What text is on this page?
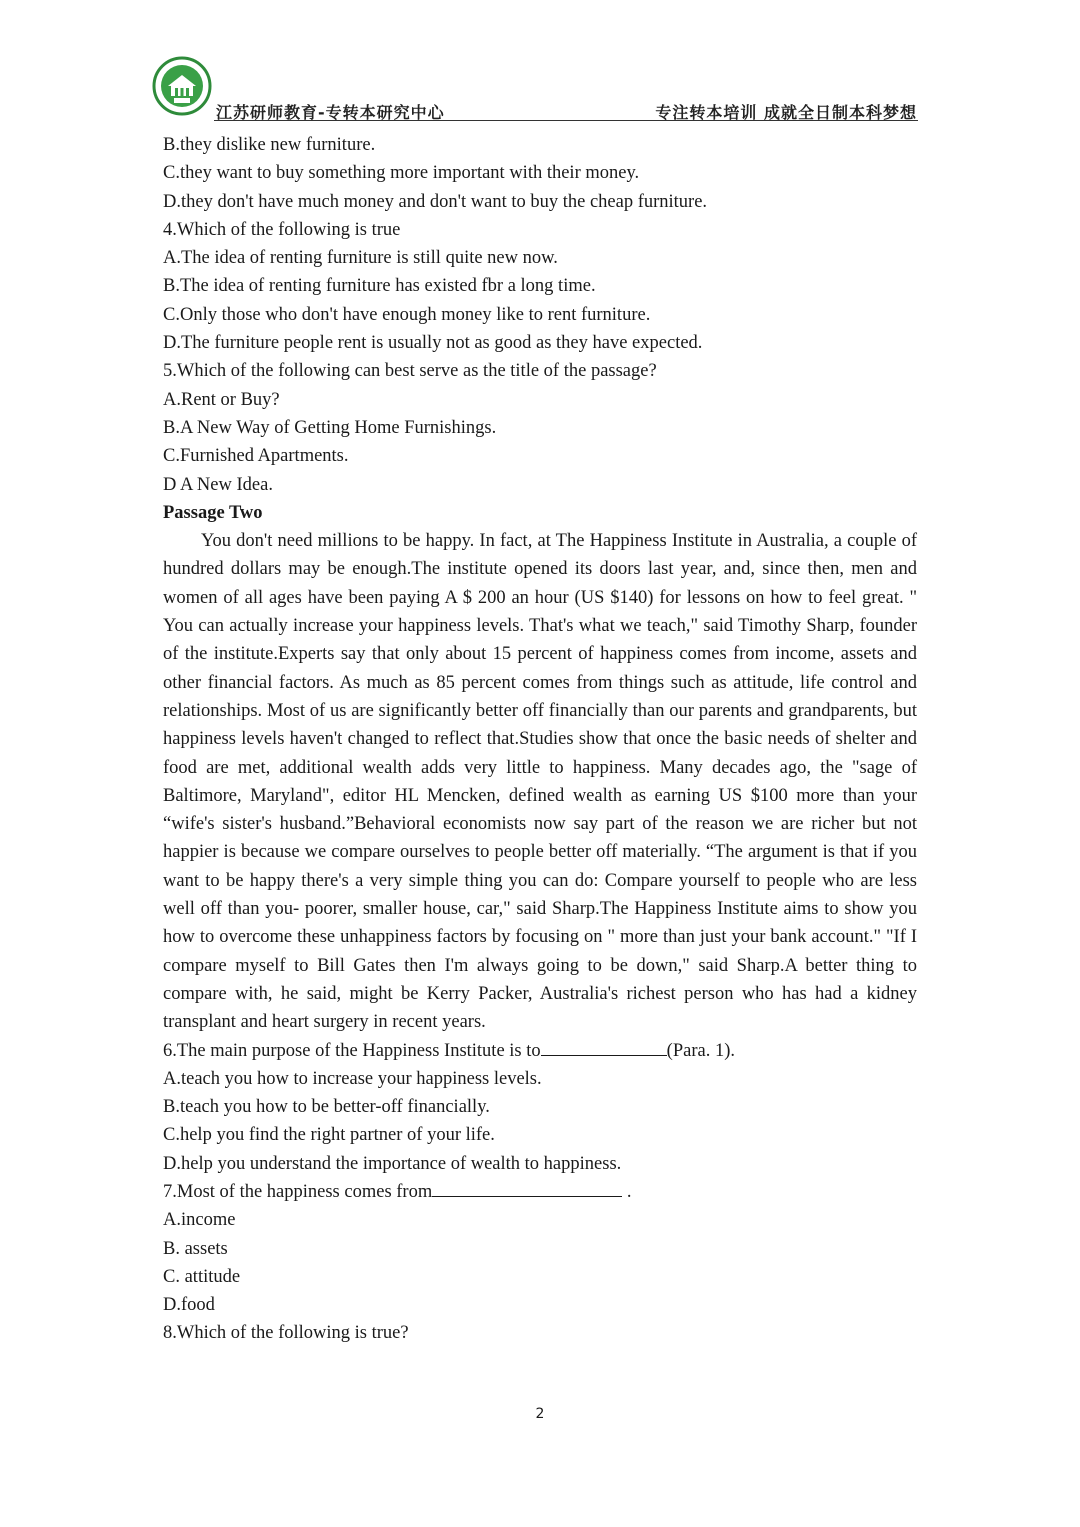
江苏研师教育-专转本研究中心	专注转本培训 成就全日制本科梦想

B.they dislike new furniture.

C.they want to buy something more important with their money.

D.they don't have much money and don't want to buy the cheap furniture.

4.Which of the following is true

A.The idea of renting furniture is still quite new now.

B.The idea of renting furniture has existed fbr a long time.

C.Only those who don't have enough money like to rent furniture.

D.The furniture people rent is usually not as good as they have expected.

5.Which of the following can best serve as the title of the passage?

A.Rent or Buy?

B.A New Way of Getting Home Furnishings.

C.Furnished Apartments.

D A New Idea.

Passage Two

You don't need millions to be happy. In fact, at The Happiness Institute in Australia, a couple of hundred dollars may be enough.The institute opened its doors last year, and, since then, men and women of all ages have been paying A $ 200 an hour (US $140) for lessons on how to feel great. " You can actually increase your happiness levels. That's what we teach," said Timothy Sharp, founder of the institute.Experts say that only about 15 percent of happiness comes from income, assets and other financial factors. As much as 85 percent comes from things such as attitude, life control and relationships. Most of us are significantly better off financially than our parents and grandparents, but happiness levels haven't changed to reflect that.Studies show that once the basic needs of shelter and food are met, additional wealth adds very little to happiness. Many decades ago, the "sage of Baltimore, Maryland", editor HL Mencken, defined wealth as earning US $100 more than your “wife's sister's husband.”Behavioral economists now say part of the reason we are richer but not happier is because we compare ourselves to people better off materially. “The argument is that if you want to be happy there's a very simple thing you can do: Compare yourself to people who are less well off than you- poorer, smaller house, car," said Sharp.The Happiness Institute aims to show you how to overcome these unhappiness factors by focusing on " more than just your bank account." "If I compare myself to Bill Gates then I'm always going to be down," said Sharp.A better thing to compare with, he said, might be Kerry Packer, Australia's richest person who has had a kidney transplant and heart surgery in recent years.

6.The main purpose of the Happiness Institute is to	(Para. 1).

A.teach you how to increase your happiness levels.

B.teach you how to be better-off financially.

C.help you find the right partner of your life.

D.help you understand the importance of wealth to happiness.

7.Most of the happiness comes from	.

A.income

B. assets

C. attitude

D.food

8.Which of the following is true?

2
